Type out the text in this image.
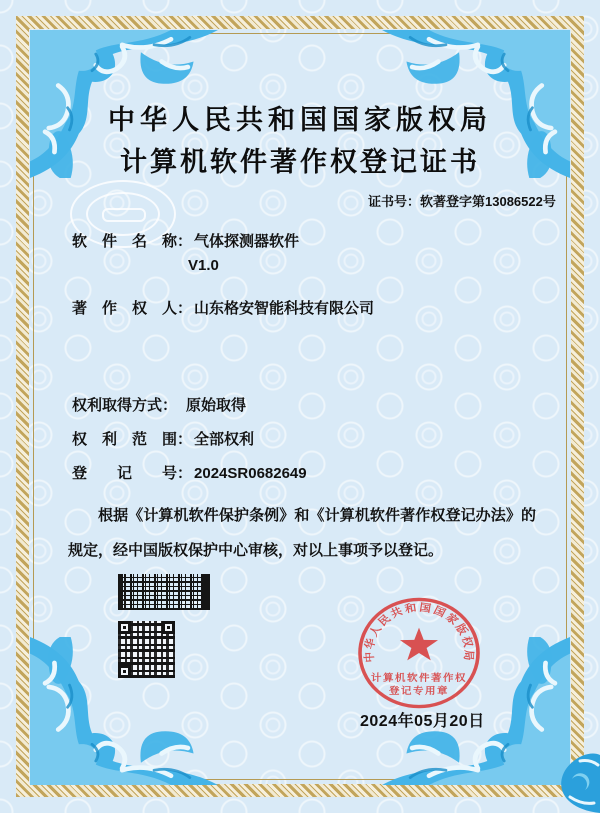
中华人民共和国国家版权局
计算机软件著作权登记证书
证书号：软著登字第13086522号
软　件　名　称： 气体探测器软件
V1.0
著　作　权　人： 山东格安智能科技有限公司
权利取得方式： 原始取得
权　利　范　围： 全部权利
登　　记　　号： 2024SR0682649
根据《计算机软件保护条例》和《计算机软件著作权登记办法》的规定，经中国版权保护中心审核，对以上事项予以登记。
中华人民共和国国家版权局
计算机软件著作权
登记专用章
2024年05月20日
